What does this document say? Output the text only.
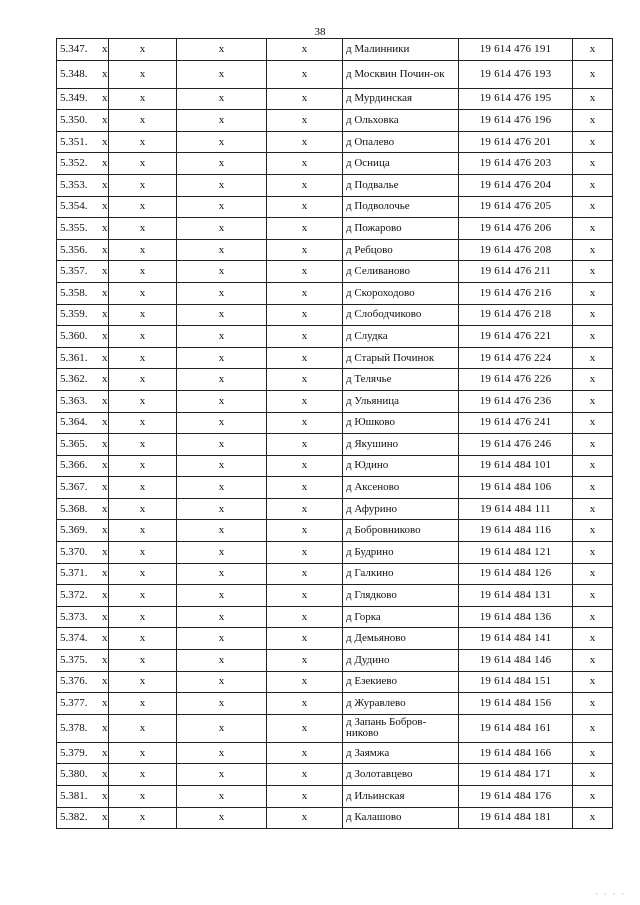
38
5.347. x	x	x	x	д Малинники	19 614 476 191	x
5.348. x	x	x	x	д Москвин Почин-ок	19 614 476 193	x
5.349. x	x	x	x	д Мурдинская	19 614 476 195	x
5.350. x	x	x	x	д Ольховка	19 614 476 196	x
5.351. x	x	x	x	д Опалево	19 614 476 201	x
5.352. x	x	x	x	д Осница	19 614 476 203	x
5.353. x	x	x	x	д Подвалье	19 614 476 204	x
5.354. x	x	x	x	д Подволочье	19 614 476 205	x
5.355. x	x	x	x	д Пожарово	19 614 476 206	x
5.356. x	x	x	x	д Ребцово	19 614 476 208	x
5.357. x	x	x	x	д Селиваново	19 614 476 211	x
5.358. x	x	x	x	д Скороходово	19 614 476 216	x
5.359. x	x	x	x	д Слободчиково	19 614 476 218	x
5.360. x	x	x	x	д Слудка	19 614 476 221	x
5.361. x	x	x	x	д Старый Починок	19 614 476 224	x
5.362. x	x	x	x	д Телячье	19 614 476 226	x
5.363. x	x	x	x	д Ульяница	19 614 476 236	x
5.364. x	x	x	x	д Юшково	19 614 476 241	x
5.365. x	x	x	x	д Якушино	19 614 476 246	x
5.366. x	x	x	x	д Юдино	19 614 484 101	x
5.367. x	x	x	x	д Аксеново	19 614 484 106	x
5.368. x	x	x	x	д Афурино	19 614 484 111	x
5.369. x	x	x	x	д Бобровниково	19 614 484 116	x
5.370. x	x	x	x	д Будрино	19 614 484 121	x
5.371. x	x	x	x	д Галкино	19 614 484 126	x
5.372. x	x	x	x	д Глядково	19 614 484 131	x
5.373. x	x	x	x	д Горка	19 614 484 136	x
5.374. x	x	x	x	д Демьяново	19 614 484 141	x
5.375. x	x	x	x	д Дудино	19 614 484 146	x
5.376. x	x	x	x	д Езекиево	19 614 484 151	x
5.377. x	x	x	x	д Журавлево	19 614 484 156	x
5.378. x	x	x	x	д Запань Бобров-никово	19 614 484 161	x
5.379. x	x	x	x	д Заямжа	19 614 484 166	x
5.380. x	x	x	x	д Золотавцево	19 614 484 171	x
5.381. x	x	x	x	д Ильинская	19 614 484 176	x
5.382. x	x	x	x	д Калашово	19 614 484 181	x
· · · ·
